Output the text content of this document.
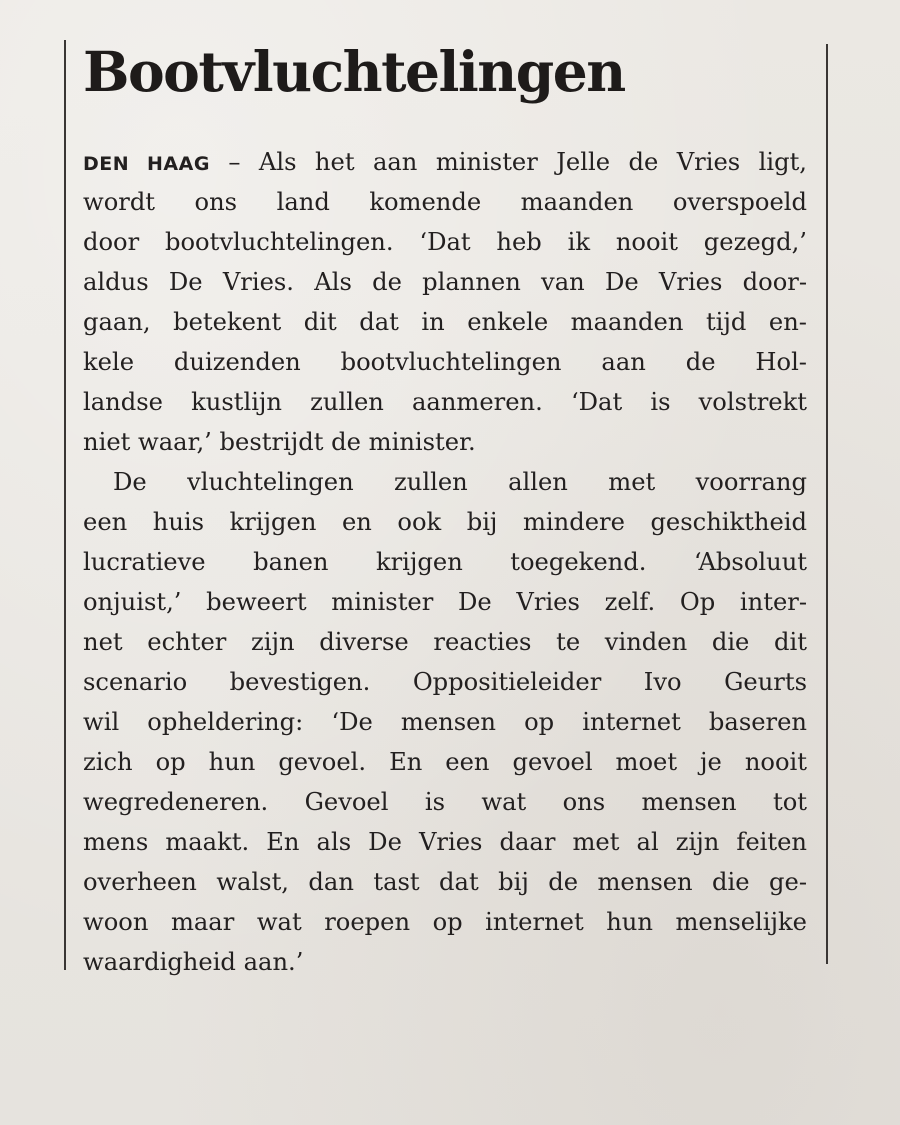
Bootvluchtelingen
DEN HAAG – Als het aan minister Jelle de Vries ligt,
wordt ons land komende maanden overspoeld
door bootvluchtelingen. ‘Dat heb ik nooit gezegd,’
aldus De Vries. Als de plannen van De Vries door-
gaan, betekent dit dat in enkele maanden tijd en-
kele duizenden bootvluchtelingen aan de Hol-
landse kustlijn zullen aanmeren. ‘Dat is volstrekt
niet waar,’ bestrijdt de minister.
De vluchtelingen zullen allen met voorrang
een huis krijgen en ook bij mindere geschiktheid
lucratieve banen krijgen toegekend. ‘Absoluut
onjuist,’ beweert minister De Vries zelf. Op inter-
net echter zijn diverse reacties te vinden die dit
scenario bevestigen. Oppositieleider Ivo Geurts
wil opheldering: ‘De mensen op internet baseren
zich op hun gevoel. En een gevoel moet je nooit
wegredeneren. Gevoel is wat ons mensen tot
mens maakt. En als De Vries daar met al zijn feiten
overheen walst, dan tast dat bij de mensen die ge-
woon maar wat roepen op internet hun menselijke
waardigheid aan.’
